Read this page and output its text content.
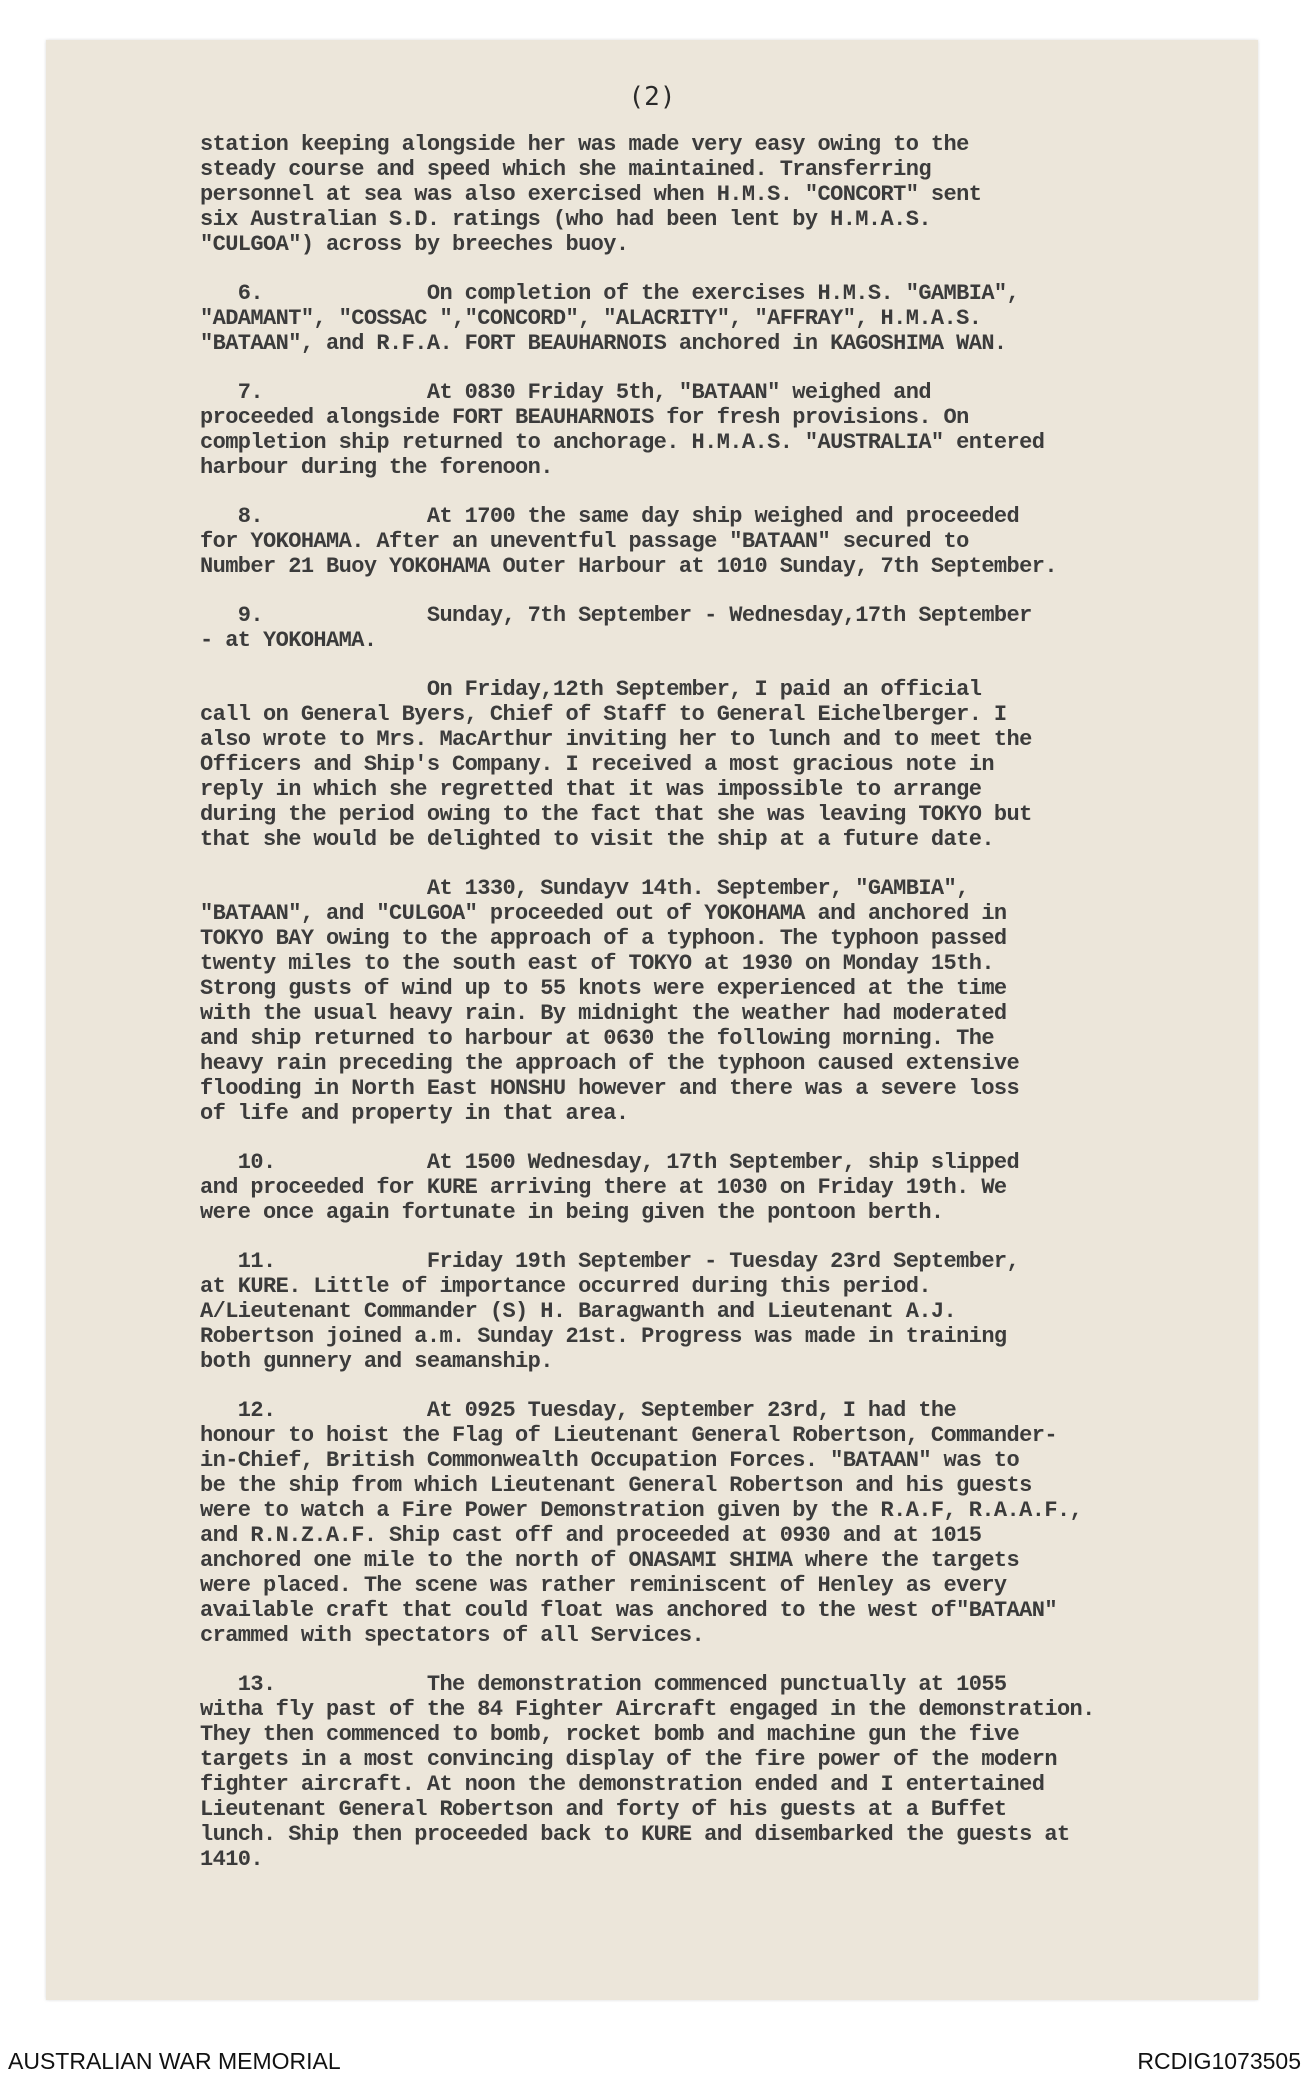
(2)
station keeping alongside her was made very easy owing to the
steady course and speed which she maintained. Transferring
personnel at sea was also exercised when H.M.S. "CONCORT" sent
six Australian S.D. ratings (who had been lent by H.M.A.S.
"CULGOA") across by breeches buoy.
6.             On completion of the exercises H.M.S. "GAMBIA",
"ADAMANT", "COSSAC ","CONCORD", "ALACRITY", "AFFRAY", H.M.A.S.
"BATAAN", and R.F.A. FORT BEAUHARNOIS anchored in KAGOSHIMA WAN.
7.             At 0830 Friday 5th, "BATAAN" weighed and
proceeded alongside FORT BEAUHARNOIS for fresh provisions. On
completion ship returned to anchorage. H.M.A.S. "AUSTRALIA" entered
harbour during the forenoon.
8.             At 1700 the same day ship weighed and proceeded
for YOKOHAMA. After an uneventful passage "BATAAN" secured to
Number 21 Buoy YOKOHAMA Outer Harbour at 1010 Sunday, 7th September.
9.             Sunday, 7th September - Wednesday,17th September
- at YOKOHAMA.
On Friday,12th September, I paid an official
call on General Byers, Chief of Staff to General Eichelberger. I
also wrote to Mrs. MacArthur inviting her to lunch and to meet the
Officers and Ship's Company. I received a most gracious note in
reply in which she regretted that it was impossible to arrange
during the period owing to the fact that she was leaving TOKYO but
that she would be delighted to visit the ship at a future date.
At 1330, Sundayv 14th. September, "GAMBIA",
"BATAAN", and "CULGOA" proceeded out of YOKOHAMA and anchored in
TOKYO BAY owing to the approach of a typhoon. The typhoon passed
twenty miles to the south east of TOKYO at 1930 on Monday 15th.
Strong gusts of wind up to 55 knots were experienced at the time
with the usual heavy rain. By midnight the weather had moderated
and ship returned to harbour at 0630 the following morning. The
heavy rain preceding the approach of the typhoon caused extensive
flooding in North East HONSHU however and there was a severe loss
of life and property in that area.
10.            At 1500 Wednesday, 17th September, ship slipped
and proceeded for KURE arriving there at 1030 on Friday 19th. We
were once again fortunate in being given the pontoon berth.
11.            Friday 19th September - Tuesday 23rd September,
at KURE. Little of importance occurred during this period.
A/Lieutenant Commander (S) H. Baragwanth and Lieutenant A.J.
Robertson joined a.m. Sunday 21st. Progress was made in training
both gunnery and seamanship.
12.            At 0925 Tuesday, September 23rd, I had the
honour to hoist the Flag of Lieutenant General Robertson, Commander-
in-Chief, British Commonwealth Occupation Forces. "BATAAN" was to
be the ship from which Lieutenant General Robertson and his guests
were to watch a Fire Power Demonstration given by the R.A.F, R.A.A.F.,
and R.N.Z.A.F. Ship cast off and proceeded at 0930 and at 1015
anchored one mile to the north of ONASAMI SHIMA where the targets
were placed. The scene was rather reminiscent of Henley as every
available craft that could float was anchored to the west of"BATAAN"
crammed with spectators of all Services.
13.            The demonstration commenced punctually at 1055
witha fly past of the 84 Fighter Aircraft engaged in the demonstration.
They then commenced to bomb, rocket bomb and machine gun the five
targets in a most convincing display of the fire power of the modern
fighter aircraft. At noon the demonstration ended and I entertained
Lieutenant General Robertson and forty of his guests at a Buffet
lunch. Ship then proceeded back to KURE and disembarked the guests at
1410.
AUSTRALIAN WAR MEMORIAL	RCDIG1073505
